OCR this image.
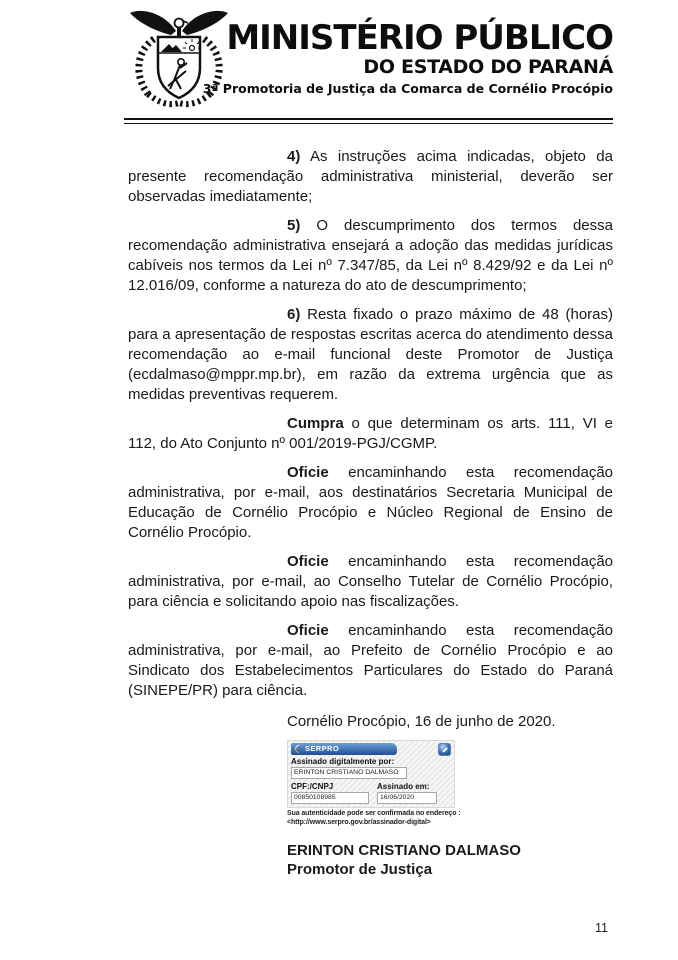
MINISTÉRIO PÚBLICO
DO ESTADO DO PARANÁ
3ª Promotoria de Justiça da Comarca de Cornélio Procópio

4) As instruções acima indicadas, objeto da presente recomendação administrativa ministerial, deverão ser observadas imediatamente;

5) O descumprimento dos termos dessa recomendação administrativa ensejará a adoção das medidas jurídicas cabíveis nos termos da Lei nº 7.347/85, da Lei nº 8.429/92 e da Lei nº 12.016/09, conforme a natureza do ato de descumprimento;

6) Resta fixado o prazo máximo de 48 (horas) para a apresentação de respostas escritas acerca do atendimento dessa recomendação ao e-mail funcional deste Promotor de Justiça (ecdalmaso@mppr.mp.br), em razão da extrema urgência que as medidas preventivas requerem.

Cumpra o que determinam os arts. 111, VI e 112, do Ato Conjunto nº 001/2019-PGJ/CGMP.

Oficie encaminhando esta recomendação administrativa, por e-mail, aos destinatários Secretaria Municipal de Educação de Cornélio Procópio e Núcleo Regional de Ensino de Cornélio Procópio.

Oficie encaminhando esta recomendação administrativa, por e-mail, ao Conselho Tutelar de Cornélio Procópio, para ciência e solicitando apoio nas fiscalizações.

Oficie encaminhando esta recomendação administrativa, por e-mail, ao Prefeito de Cornélio Procópio e ao Sindicato dos Estabelecimentos Particulares do Estado do Paraná (SINEPE/PR) para ciência.

Cornélio Procópio, 16 de junho de 2020.

SERPRO
Assinado digitalmente por:
ERINTON CRISTIANO DALMASO
CPF:/CNPJ	Assinado em:
00850108985	16/06/2020
Sua autenticidade pode ser confirmada no endereço :
<http://www.serpro.gov.br/assinador-digital>
ERINTON CRISTIANO DALMASO
Promotor de Justiça
11
